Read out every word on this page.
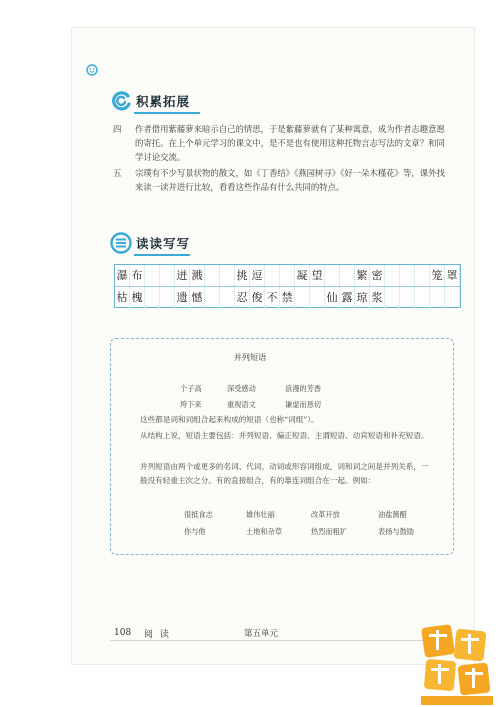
积累拓展
四 作者借用紫藤萝来暗示自己的情思，于是紫藤萝就有了某种寓意，成为作者志趣意愿的寄托。在上个单元学习的课文中，是不是也有使用这种托物言志写法的文章？和同学讨论交流。
五 宗璞有不少写景状物的散文，如《丁香结》《燕园树寻》《好一朵木槿花》等，课外找来读一读并进行比较，看看这些作品有什么共同的特点。
读读写写
瀑 布	迸 溅	挑 逗	凝 望	繁 密	笼 罩
枯 槐	遗 憾	忍 俊 不 禁	仙 露 琼 浆
并列短语
个子高	深受感动	浪漫的芳香
垮下来	重视语文	谦虚而恳切
这些都是词和词组合起来构成的短语（也称“词组”）。
从结构上说，短语主要包括：并列短语、偏正短语、主谓短语、动宾短语和补充短语。
并列短语由两个或更多的名词、代词、动词或形容词组成，词和词之间是并列关系，一般没有轻重主次之分。有的直接组合，有的靠连词组合在一起。例如：
很抵食志	雄伟壮丽	改革开放	油盐酱醋
你与他	土地和杂草	热烈而粗犷	表扬与鼓励
108 阅 读	第五单元
